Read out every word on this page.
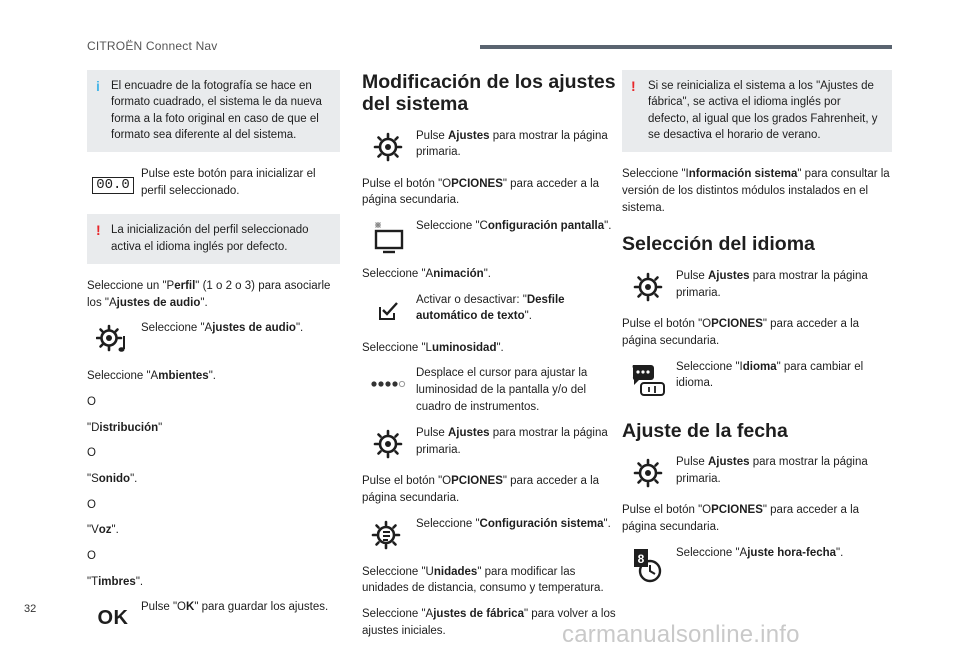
CITROËN Connect Nav
i El encuadre de la fotografía se hace en formato cuadrado, el sistema le da nueva forma a la foto original en caso de que el formato sea diferente al del sistema.

00.0
Pulse este botón para inicializar el perfil seleccionado.
! La inicialización del perfil seleccionado activa el idioma inglés por defecto.

Seleccione un "Perfil" (1 o 2 o 3) para asociarle los "Ajustes de audio".
Seleccione "Ajustes de audio".
Seleccione "Ambientes".
O
"Distribución"
O
"Sonido".
O
"Voz".
O
"Timbres".
OK Pulse "OK" para guardar los ajustes.
Modificación de los ajustes del sistema
Pulse Ajustes para mostrar la página primaria.
Pulse el botón "OPCIONES" para acceder a la página secundaria.
Seleccione "Configuración pantalla".
Seleccione "Animación".
Activar o desactivar: "Desfile automático de texto".
Seleccione "Luminosidad".
Desplace el cursor para ajustar la luminosidad de la pantalla y/o del cuadro de instrumentos.
Pulse Ajustes para mostrar la página primaria.
Pulse el botón "OPCIONES" para acceder a la página secundaria.
Seleccione "Configuración sistema".
Seleccione "Unidades" para modificar las unidades de distancia, consumo y temperatura.
Seleccione "Ajustes de fábrica" para volver a los ajustes iniciales.
! Si se reinicializa el sistema a los "Ajustes de fábrica", se activa el idioma inglés por defecto, al igual que los grados Fahrenheit, y se desactiva el horario de verano.

Seleccione "Información sistema" para consultar la versión de los distintos módulos instalados en el sistema.
Selección del idioma
Pulse Ajustes para mostrar la página primaria.
Pulse el botón "OPCIONES" para acceder a la página secundaria.
Seleccione "Idioma" para cambiar el idioma.
Ajuste de la fecha
Pulse Ajustes para mostrar la página primaria.
Pulse el botón "OPCIONES" para acceder a la página secundaria.
8	Seleccione "Ajuste hora-fecha".
32
carmanualsonline.info
